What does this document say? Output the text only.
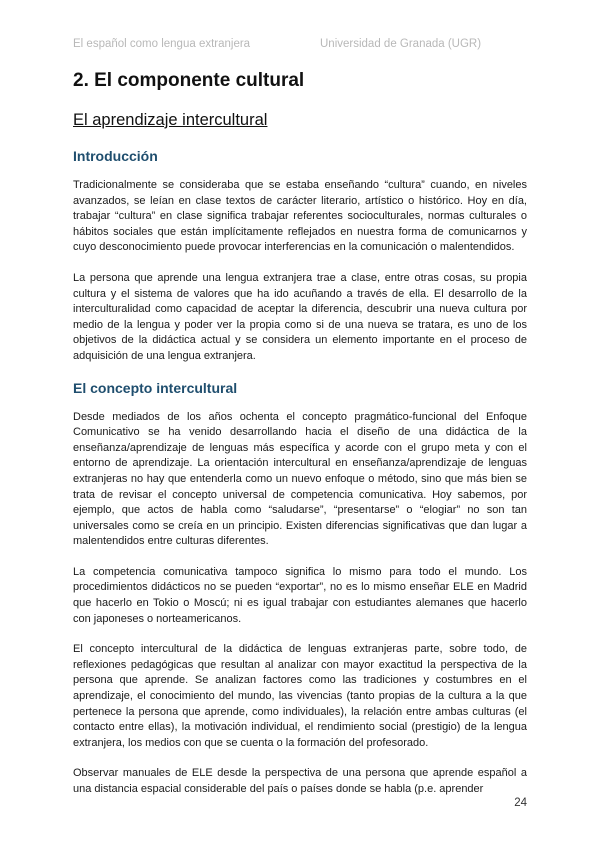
El español como lengua extranjera	Universidad de Granada (UGR)
2. El componente cultural
El aprendizaje intercultural
Introducción

Tradicionalmente se consideraba que se estaba enseñando “cultura” cuando, en niveles avanzados, se leían en clase textos de carácter literario, artístico o histórico. Hoy en día, trabajar “cultura” en clase significa trabajar referentes socioculturales, normas culturales o hábitos sociales que están implícitamente reflejados en nuestra forma de comunicarnos y cuyo desconocimiento puede provocar interferencias en la comunicación o malentendidos.

La persona que aprende una lengua extranjera trae a clase, entre otras cosas, su propia cultura y el sistema de valores que ha ido acuñando a través de ella. El desarrollo de la interculturalidad como capacidad de aceptar la diferencia, descubrir una nueva cultura por medio de la lengua y poder ver la propia como si de una nueva se tratara, es uno de los objetivos de la didáctica actual y se considera un elemento importante en el proceso de adquisición de una lengua extranjera.

El concepto intercultural

Desde mediados de los años ochenta el concepto pragmático-funcional del Enfoque Comunicativo se ha venido desarrollando hacia el diseño de una didáctica de la enseñanza/aprendizaje de lenguas más específica y acorde con el grupo meta y con el entorno de aprendizaje. La orientación intercultural en enseñanza/aprendizaje de lenguas extranjeras no hay que entenderla como un nuevo enfoque o método, sino que más bien se trata de revisar el concepto universal de competencia comunicativa. Hoy sabemos, por ejemplo, que actos de habla como “saludarse”, “presentarse” o “elogiar” no son tan universales como se creía en un principio. Existen diferencias significativas que dan lugar a malentendidos entre culturas diferentes.

La competencia comunicativa tampoco significa lo mismo para todo el mundo. Los procedimientos didácticos no se pueden “exportar”, no es lo mismo enseñar ELE en Madrid que hacerlo en Tokio o Moscú; ni es igual trabajar con estudiantes alemanes que hacerlo con japoneses o norteamericanos.

El concepto intercultural de la didáctica de lenguas extranjeras parte, sobre todo, de reflexiones pedagógicas que resultan al analizar con mayor exactitud la perspectiva de la persona que aprende. Se analizan factores como las tradiciones y costumbres en el aprendizaje, el conocimiento del mundo, las vivencias (tanto propias de la cultura a la que pertenece la persona que aprende, como individuales), la relación entre ambas culturas (el contacto entre ellas), la motivación individual, el rendimiento social (prestigio) de la lengua extranjera, los medios con que se cuenta o la formación del profesorado.

Observar manuales de ELE desde la perspectiva de una persona que aprende español a una distancia espacial considerable del país o países donde se habla (p.e. aprender

24
